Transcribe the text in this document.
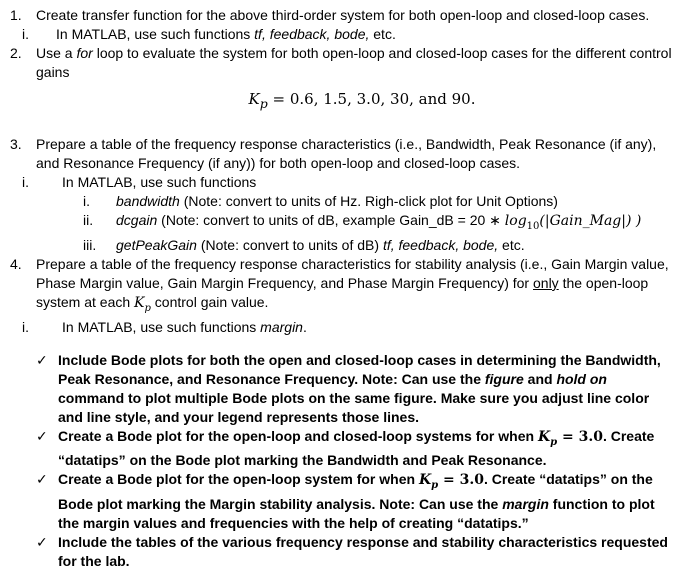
1. Create transfer function for the above third-order system for both open-loop and closed-loop cases.
i. In MATLAB, use such functions tf, feedback, bode, etc.
2. Use a for loop to evaluate the system for both open-loop and closed-loop cases for the different control gains
$K_p = 0.6$, 1.5, 3.0, 30, and 90.
3. Prepare a table of the frequency response characteristics (i.e., Bandwidth, Peak Resonance (if any), and Resonance Frequency (if any)) for both open-loop and closed-loop cases.
i. In MATLAB, use such functions
i. bandwidth (Note: convert to units of Hz. Righ-click plot for Unit Options)
ii. dcgain (Note: convert to units of dB, example Gain_dB = 20 ∗ $\log_{10}(|Gain\_Mag|)$ )
iii. getPeakGain (Note: convert to units of dB) tf, feedback, bode, etc.
4. Prepare a table of the frequency response characteristics for stability analysis (i.e., Gain Margin value, Phase Margin value, Gain Margin Frequency, and Phase Margin Frequency) for only the open-loop system at each $K_p$ control gain value.
i. In MATLAB, use such functions margin.
✓ Include Bode plots for both the open and closed-loop cases in determining the Bandwidth, Peak Resonance, and Resonance Frequency. Note: Can use the figure and hold on command to plot multiple Bode plots on the same figure. Make sure you adjust line color and line style, and your legend represents those lines.
✓ Create a Bode plot for the open-loop and closed-loop systems for when $K_p = 3.0$. Create “datatips” on the Bode plot marking the Bandwidth and Peak Resonance.
✓ Create a Bode plot for the open-loop system for when $K_p = 3.0$. Create “datatips” on the Bode plot marking the Margin stability analysis. Note: Can use the margin function to plot the margin values and frequencies with the help of creating “datatips.”
✓ Include the tables of the various frequency response and stability characteristics requested for the lab.
